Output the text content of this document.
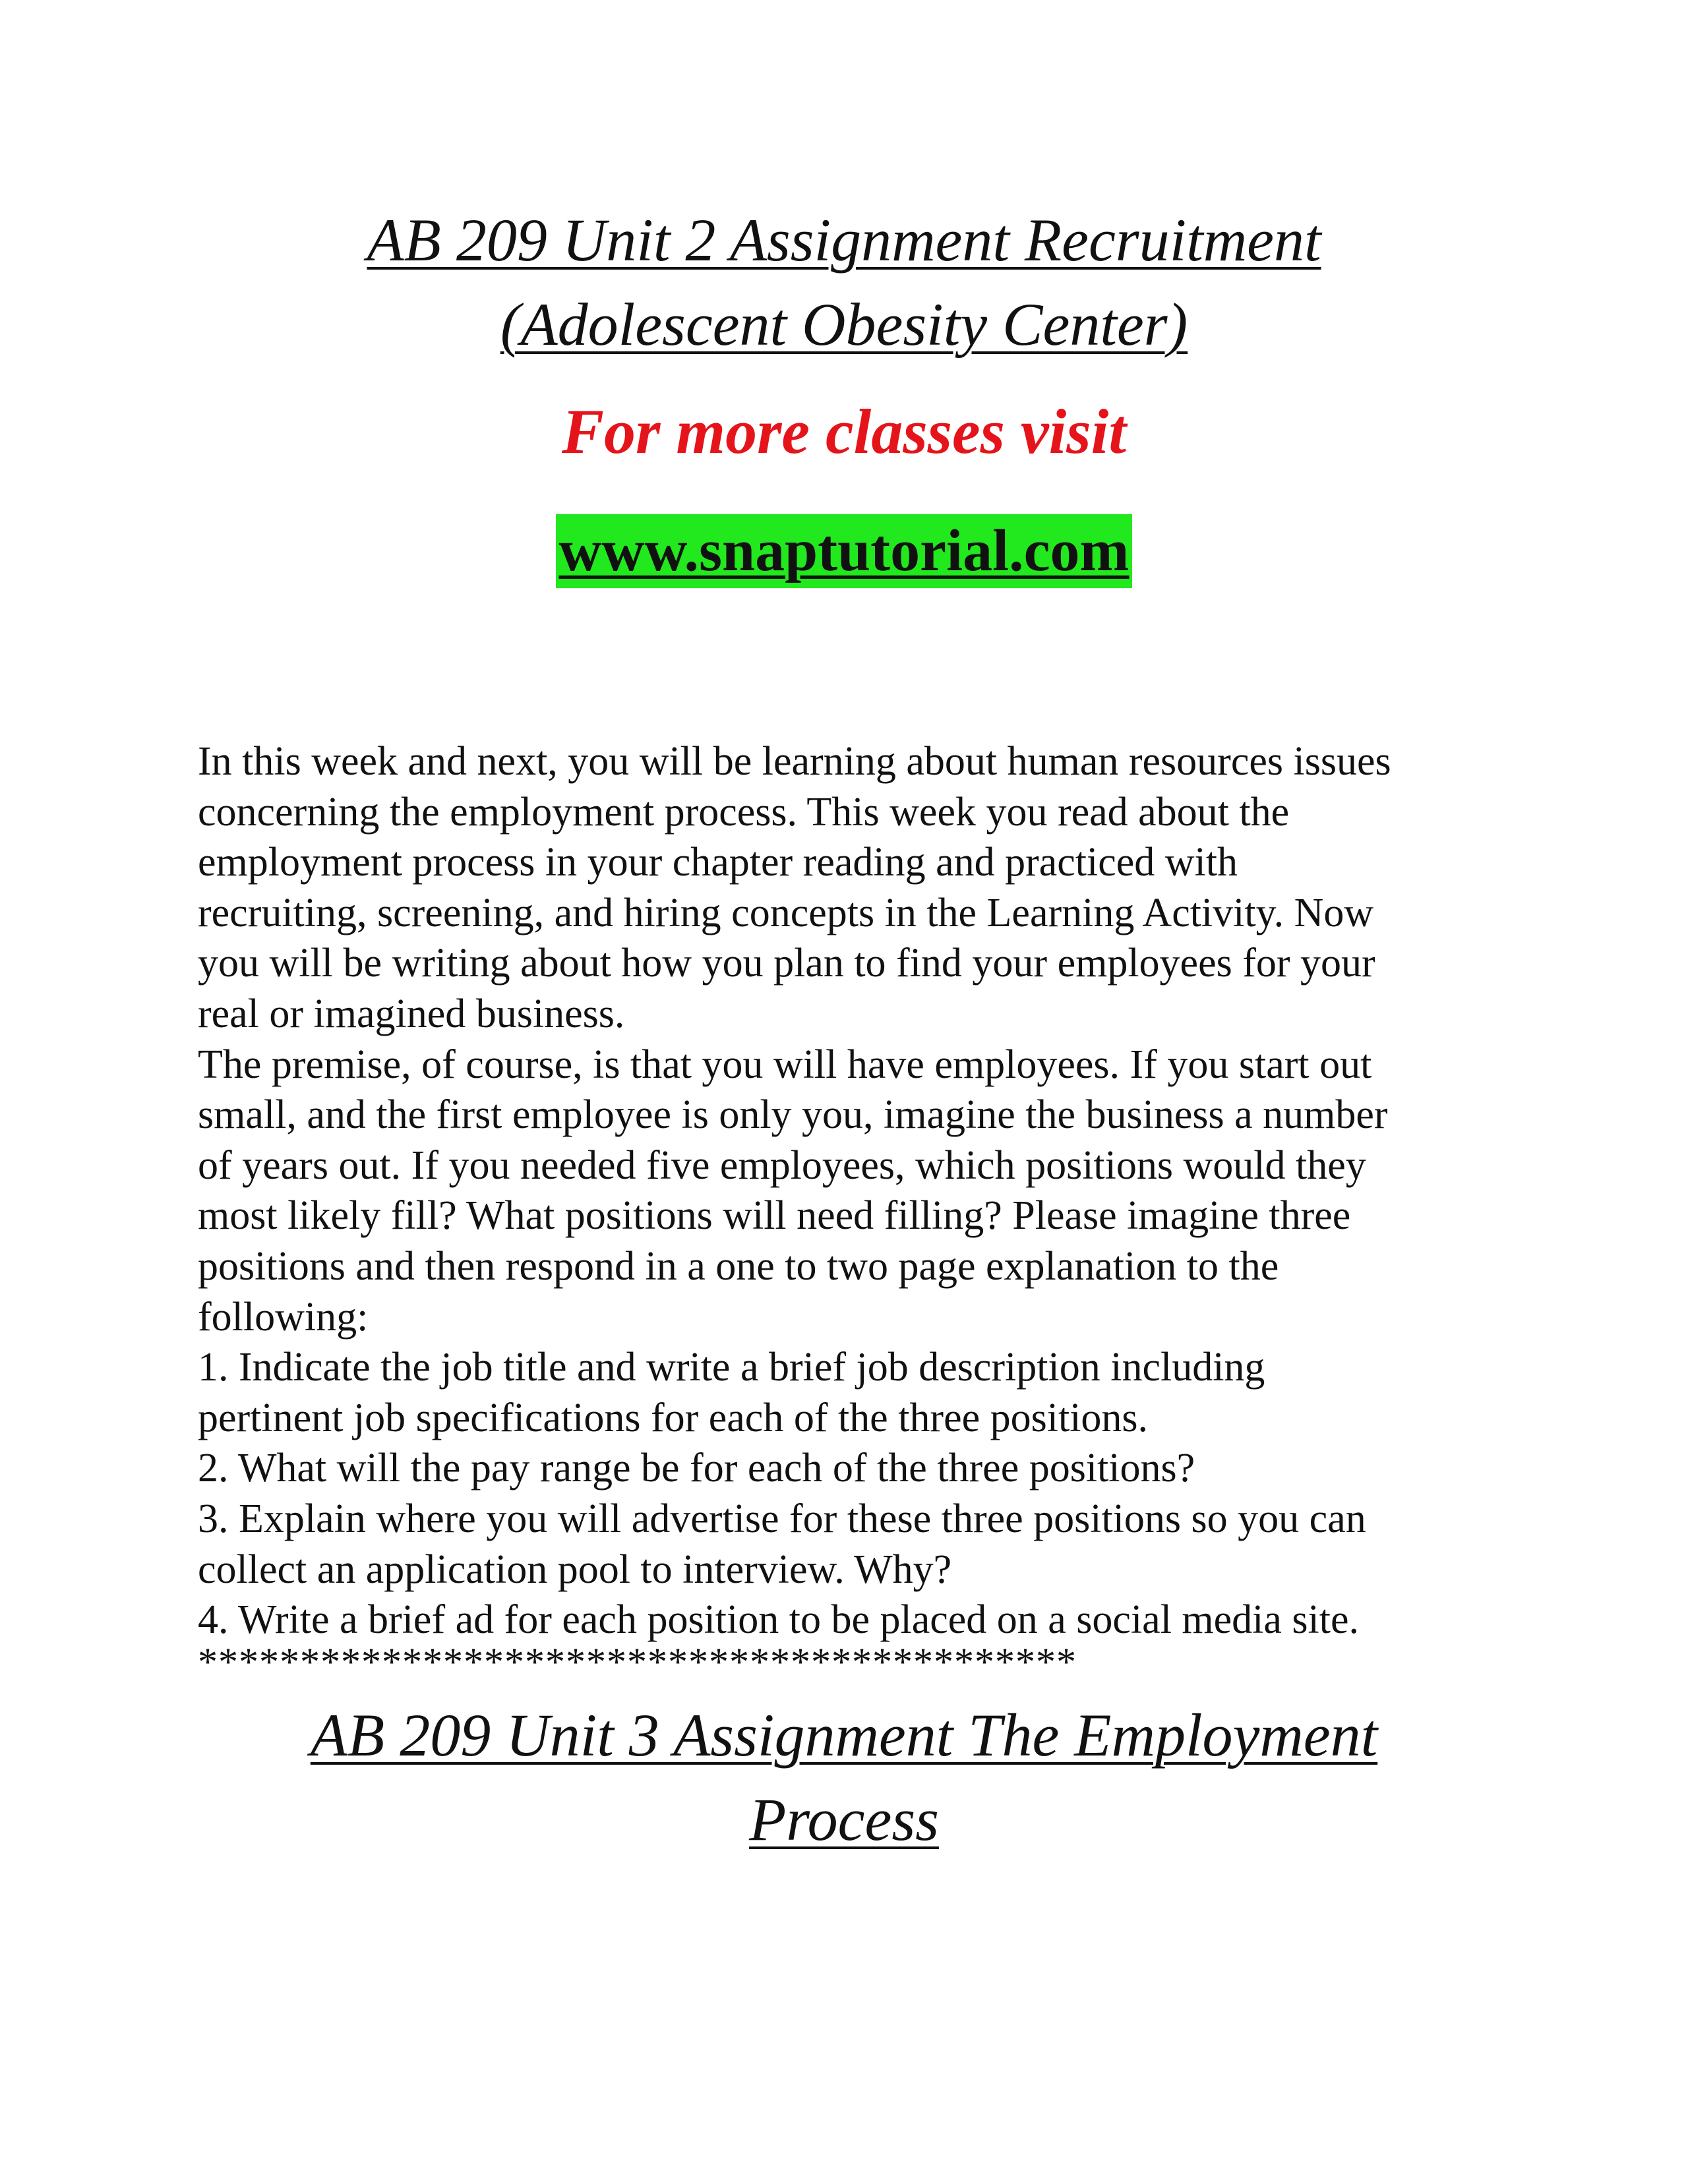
AB 209 Unit 2 Assignment Recruitment
(Adolescent Obesity Center)
For more classes visit
www.snaptutorial.com
In this week and next, you will be learning about human resources issues
concerning the employment process. This week you read about the
employment process in your chapter reading and practiced with
recruiting, screening, and hiring concepts in the Learning Activity. Now
you will be writing about how you plan to find your employees for your
real or imagined business.
The premise, of course, is that you will have employees. If you start out
small, and the first employee is only you, imagine the business a number
of years out. If you needed five employees, which positions would they
most likely fill? What positions will need filling? Please imagine three
positions and then respond in a one to two page explanation to the
following:
1. Indicate the job title and write a brief job description including
pertinent job specifications for each of the three positions.
2. What will the pay range be for each of the three positions?
3. Explain where you will advertise for these three positions so you can
collect an application pool to interview. Why?
4. Write a brief ad for each position to be placed on a social media site.
*******************************************
AB 209 Unit 3 Assignment The Employment
Process
